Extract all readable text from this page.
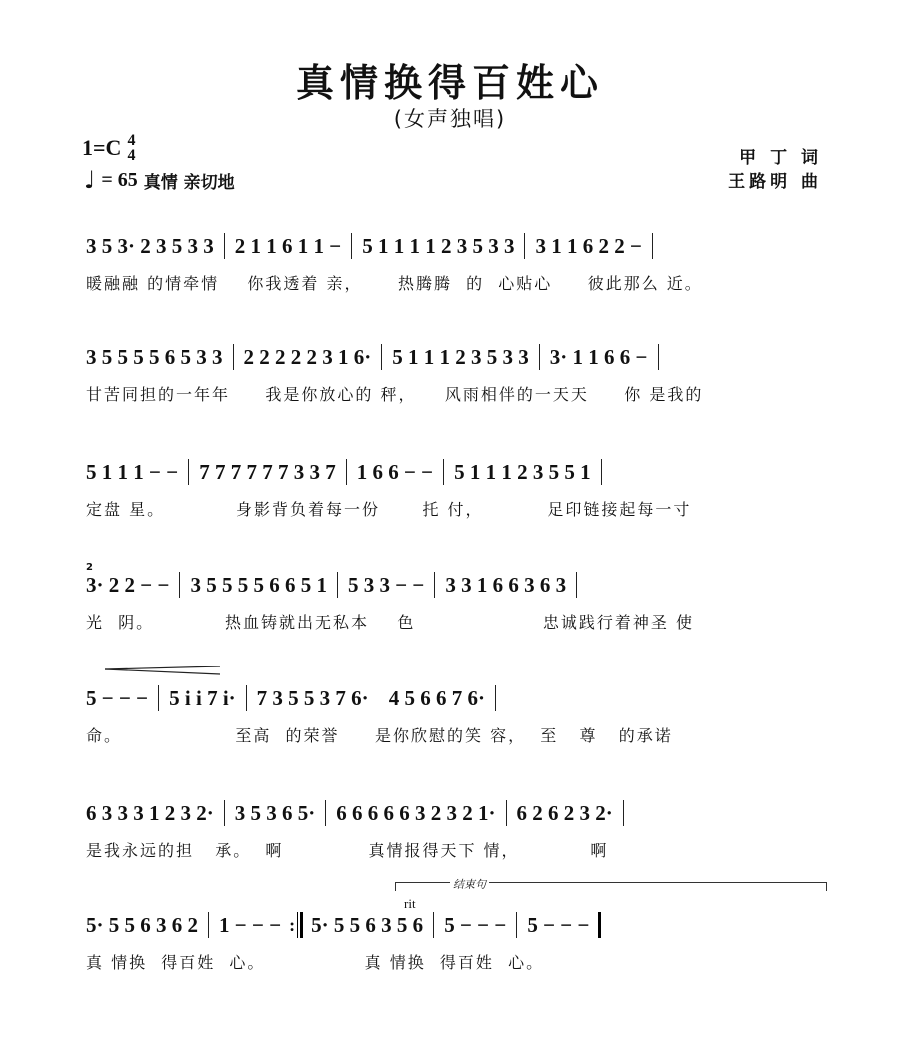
真情换得百姓心
(女声独唱)
1=C 4
4
♩ = 65 真情 亲切地
甲 丁 词
王路明 曲
3 5 3· 2 3 5 3 3 2 1 1 6 1 1 − 5 1 1 1 1 2 3 5 3 3 3 1 1 6 2 2 −
暖融融 的情牵情    你我透着 亲，     热腾腾  的  心贴心     彼此那么 近。
3 5 5 5 5 6 5 3 3 2 2 2 2 2 3 1 6· 5 1 1 1 2 3 5 3 3 3· 1 1 6 6 −
甘苦同担的一年年     我是你放心的 秤，    风雨相伴的一天天     你 是我的
5 1 1 1 − − 7 7 7 7 7 7 3 3 7 1 6 6 − − 5 1 1 1 2 3 5 5 1
定盘 星。          身影背负着每一份      托 付，         足印链接起每一寸
2
3· 2 2 − − 3 5 5 5 5 6 6 5 1 5 3 3 − − 3 3 1 6 6 3 6 3
光  阴。          热血铸就出无私本    色                  忠诚践行着神圣 使
5 − − − 5 i i 7 i· 7 3 5 5 3 7 6· 4 5 6 6 7 6·
命。                至高  的荣誉     是你欣慰的笑 容，  至   尊   的承诺
6 3 3 3 1 2 3 2· 3 5 3 6 5· 6 6 6 6 6 3 2 3 2 1· 6 2 6 2 3 2·
是我永远的担   承。  啊            真情报得天下 情，          啊
结束句
rit
5· 5 5 6 3 6 2 1 − − − : 5· 5 5 6 3 5 6 5 − − − 5 − − −
真 情换  得百姓  心。              真 情换  得百姓  心。
